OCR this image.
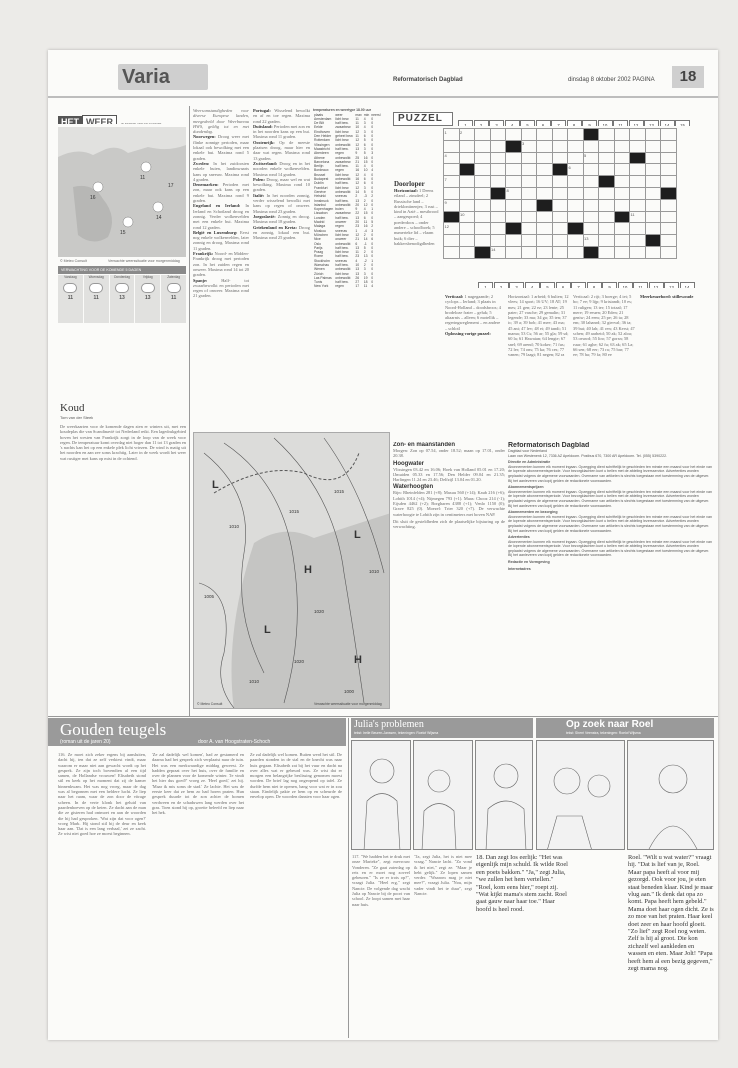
Varia	Reformatorisch Dagblad	dinsdag 8 oktober 2002 PAGINA	18
HET WEER	IN NEDERLAND EN EUROPA
16
11
15
14
17
© Meteo Consult	Verwachte weerssituatie voor morgenmiddag
VERWACHTING VOOR DE KOMENDE 5 DAGEN
Vandaag
11
Woensdag
11
Donderdag
13
Vrijdag
13
Zaterdag
11
Koud
Tom van der Steek
De weerkaarten voor de komende dagen zien er winters uit, met een koudeplas die van Scandinavië tot Nederland reikt. Een lagedrukgebied boven het westen van Frankrijk zorgt in de loop van de week voor regen. De temperatuur komt overdag niet hoger dan 11 tot 13 graden en 's nachts kan het op een enkele plek licht vriezen. De wind is matig uit het noorden en aan zee soms krachtig. Later in de week wordt het weer wat rustiger met kans op mist in de ochtend.
Weersomstandigheden voor diverse Europese landen, meegedeeld door Weerbureau HWS, geldig tot en met donderdag.
Noorwegen: Droog weer met flinke zonnige perioden, maar lokaal ook bewolking met een enkele bui. Maxima rond 5 graden.
Zweden: In het zuidoosten enkele buien, landinwaarts kans op sneeuw. Maxima rond 4 graden.
Denemarken: Perioden met zon, maar ook kans op een enkele bui. Maxima rond 9 graden.
Engeland en Ierland: In Ierland en Schotland droog en zonnig. Verder wolkenvelden met een enkele bui. Maxima rond 12 graden.
België en Luxemburg: Eerst nog enkele wolkenvelden, later zonnig en droog. Maxima rond 11 graden.
Frankrijk: Noord- en Midden-Frankrijk droog met perioden zon. In het zuiden regen en onweer. Maxima rond 14 tot 20 graden.
Spanje:	Half- tot zwaarbewolkt en perioden met regen of onweer. Maxima rond 21 graden.
Portugal: Wisselend bewolkt en af en toe regen. Maxima rond 22 graden.
Duitsland: Perioden met zon en in het noorden kans op een bui. Maxima rond 11 graden.
Oostenrijk: Op de meeste plaatsen droog, maar hier en daar wat regen. Maxima rond 13 graden.
Zwitserland: Droog en in het noorden enkele wolkenvelden. Maxima rond 14 graden.
Polen: Droog, maar wel en wat bewolking. Maxima rond 10 graden.
Italië: In het noorden zonnig, verder wisselend bewolkt met kans op regen of onweer. Maxima rond 23 graden.
Joegoslavië: Zonnig en droog. Maxima rond 18 graden.
Griekenland en Kreta: Droog en zonnig, lokaal een bui. Maxima rond 25 graden.
temperaturen en weertype 18.00 uur
plaats	weer	max	min	neersl
Amsterdam	licht bew.	11	4	0
De Bilt	half bew.	11	3	0
Eelde	zwaarbew.	10	4	0
Eindhoven	licht bew.	12	3	0
Den Helder	geheel bew.	11	6	0
Rotterdam	licht bew.	12	5	0
Vlissingen	onbewolkt	12	6	0
Maastricht	half bew.	13	3	0
Aberdeen	regen	9	5	3
Athene	onbewolkt	25	16	0
Barcelona	zwaarbew.	21	15	0
Berlijn	half bew.	11	4	0
Bordeaux	regen	16	10	4
Brussel	licht bew.	12	4	0
Budapest	onbewolkt	16	6	0
Dublin	half bew.	12	6	0
Frankfurt	licht bew.	12	3	0
Genève	onbewolkt	14	5	0
Helsinki	sneeuw	2	-3	2
Innsbruck	half bew.	13	2	0
Istanbul	onbewolkt	20	12	0
Kopenhagen	buien	9	4	1
Lissabon	zwaarbew.	22	15	0
Londen	half bew.	13	6	0
Madrid	onweer	20	11	5
Malaga	regen	23	16	2
Moskou	sneeuw	1	-4	3
München	licht bew.	12	2	0
Nice	onweer	21	14	6
Oslo	onbewolkt	6	-1	0
Parijs	half bew.	13	5	0
Praag	licht bew.	11	2	0
Rome	half bew.	23	13	0
Stockholm	sneeuw	4	-2	1
Warschau	half bew.	10	2	0
Wenen	onbewolkt	13	3	0
Zürich	licht bew.	13	3	0
Las Palmas	onbewolkt	26	19	0
Tunis	half bew.	27	18	0
New York	regen	17	11	4
L
L
L
H
H
1010
1005
1010
1015
1020
1015
1010
1000
1020
© Meteo Consult	Verwachte weerssituatie voor morgenmiddag
PUZZEL
1	2	3	4	5	6	7	8	9	10	11	12	13	14	15
1	2													
					3									
4									5					
								6						
7														
				8										
9														
	10											11		
12														
									13					
			14											
1	2	3	4	5	6	7	8	9	10	11	12	13	14
Doorloper
Horizontaal: 1 Deens eiland – zinsdeel; 2 Russische land – drieklontinenjes; 3 rust – kind in Azië – mestbrood – aangespoed; 4 poederdoos – onder andere – schoolboek; 5 numerieke lid – vlaam buik; 6 dier – bakkersbenodigdheden
Verticaal: 1 nagegaande; 2 cyclops – Ierland; 3 plaats in Noord-Holland – doodsbroos; 4 brodeloze frater – geluk; 5 altaarnis – alleen; 6 motellik – regeringsreglement – en andere – schlotl
Oplossing vorige puzzel:
Horizontaal: 1 arbeid; 6 bulten; 12 vlees; 14 sport; 16 UV; 18 AT; 19 mes; 21 gen; 22 ez; 23 lente; 25 pater; 27 vasche; 29 gemalin; 31 legende; 33 ma; 34 ga; 35 ten; 37 ic; 39 a; 39 bob; 41 mee; 43 ma; 45 ani; 47 lev; 48 ei; 49 tandi; 51 mama; 53 Cs; 56 ar; 55 gla; 59 sd; 60 la; 61 Hawaian; 64 lengte; 67 snel; 69 arend; 70 koker; 71 fus; 72 ler; 74 ons; 75 ka; 76 ces; 77 vanen; 79 laagt; 81 negen; 82 ra
Verticaal: 2 rijt; 3 boerge; 4 iet; 5 bo; 7 ee; 9 lijp; 9 kristandt; 10 es; 11 ruligen; 13 ter; 15 totaal; 17 mere; 19 eeuen; 20 Eden; 21 geniw; 24 eem; 25 pe; 26 ta; 28 em; 30 lahanrd; 32 gierval; 36 ta; 39 bui; 40 lah; 41 ren; 43 Kerst; 47 schen; 49 aarheid; 50 ak; 52 aloa; 53 oeuwd; 55 liro; 57 gorsn; 58 ruur; 61 aghe; 62 fu; 63 ak; 65 La; 66 sen; 68 eer; 73 ra; 75 bar; 77 ee; 78 ha; 79 fa; 80 ee
Meerkeuzebord: stillewoude
Zon- en maanstanden
Morgen: Zon op 07.54, onder 18.52; maan op 17.01, onder 20.38.
Hoogwater
Vlissingen 03.42 en 16.06; Hoek van Holland 05.01 en 17.20; IJmuiden 05.33 en 17.56; Den Helder 09.04 en 21.35; Harlingen 11.24 en 23.46; Delfzijl 13.04 en 01.20.
Waterhoogten
Rijn: Rheinfelden 281 (+8); Maxau 560 (+14); Kaub 216 (+6); Lobith 1014 (+4); Nijmegen 793 (+1). Maas: Chooz 214 (-1); Eijsden 4462 (+2); Borgharen 4388 (+1); Venlo 1150 (0); Grave 825 (0). Moezel: Trier 320 (+7). De verwachte waterhoogte te Lobith zijn in centimeters met boven NAP.
Dit sluit de gesteldheden zich de plaatselijke bijsturing op de verwachting.
Reformatorisch Dagblad
Dagblad voor Nederland
Laan van Westenenk 12, 7336 AZ Apeldoorn. Postbus 670, 7300 AR Apeldoorn. Tel. (055) 5390222.
Directie en Administratie
Abonnementen kunnen elk moment ingaan. Opzegging dient schriftelijk te geschieden ten minste een maand voor het einde van de lopende abonnementsperiode. Voor bezorgklachten kunt u bellen met de afdeling lezersservice. Advertenties worden geplaatst volgens de algemene voorwaarden. Overname van artikelen is slechts toegestaan met toestemming van de uitgever. Bij het aanleveren van kopij gelden de redactionele voorwaarden.
Abonnementsprijzen
Abonnementen kunnen elk moment ingaan. Opzegging dient schriftelijk te geschieden ten minste een maand voor het einde van de lopende abonnementsperiode. Voor bezorgklachten kunt u bellen met de afdeling lezersservice. Advertenties worden geplaatst volgens de algemene voorwaarden. Overname van artikelen is slechts toegestaan met toestemming van de uitgever. Bij het aanleveren van kopij gelden de redactionele voorwaarden.
Abonnementen en bezorging
Abonnementen kunnen elk moment ingaan. Opzegging dient schriftelijk te geschieden ten minste een maand voor het einde van de lopende abonnementsperiode. Voor bezorgklachten kunt u bellen met de afdeling lezersservice. Advertenties worden geplaatst volgens de algemene voorwaarden. Overname van artikelen is slechts toegestaan met toestemming van de uitgever. Bij het aanleveren van kopij gelden de redactionele voorwaarden.
Advertenties
Abonnementen kunnen elk moment ingaan. Opzegging dient schriftelijk te geschieden ten minste een maand voor het einde van de lopende abonnementsperiode. Voor bezorgklachten kunt u bellen met de afdeling lezersservice. Advertenties worden geplaatst volgens de algemene voorwaarden. Overname van artikelen is slechts toegestaan met toestemming van de uitgever. Bij het aanleveren van kopij gelden de redactionele voorwaarden.
Redactie en Vormgeving
Internetadres
Gouden teugels
(roman uit de jaren 20)	door A. van Hoogstraten-Schoch
116. Ze moet zich zeker ergens bij aansluiten, dacht hij, ten dat ze zelf verkiest vindt, maar waarom er maar niet aan gewacht wordt op het gesprek. Ze zijn toch bovendien al een tijd samen, de Hollandse vrouwen! Elisabeth stond stil en keek op het moment dat zij de kamer binnenkwam. Het was nog vroeg, maar de dag was al begonnen met een heldere lucht. Ze liep naar het raam, waar de zon door de vitrage scheen. In de verte klonk het geluid van paardenhoeven op de keien. Ze dacht aan de man die ze gisteren had ontmoet en aan de woorden die hij had gesproken. 'Wat zijn dat voor ogen?' vroeg Mark. Hij stond stil bij de deur en keek haar aan. 'Dat is een lang verhaal,' zei ze zacht. Ze wist niet goed hoe ze moest beginnen.
'Ze zal dadelijk wel komen', had ze gestamerd en daarna had het gesprek zich verplaatst naar de tuin. Het was een merkwaardige middag geweest. Ze hadden gepraat over het huis, over de familie en over de plannen voor de komende winter. 'Je vindt het hier dus goed?' vroeg ze. 'Heel goed,' zei hij. 'Maar ik mis soms de stad.' Ze lachte. Het was de eerste keer dat ze hem zo had horen praten. Hun gesprek duurde tot de zon achter de bomen verdween en de schaduwen lang werden over het gras. Toen stond hij op, groette beleefd en liep naar het hek.
Ze zal dadelijk wel komen. Buiten werd het stil. De paarden stonden in de stal en de knecht was naar huis gegaan. Elisabeth zat bij het vuur en dacht na over alles wat er gebeurd was. Ze wist dat er morgen een belangrijke beslissing genomen moest worden. De brief lag nog ongeopend op tafel. Ze durfde hem niet te openen, bang voor wat er in zou staan. Eindelijk pakte ze hem op en scheurde de envelop open. De woorden dansten voor haar ogen.
Julia's problemen
tekst: Irelle Beuren-Janssen, tekeningen: Roelof Wijsma
117. "We hadden het te druk met onze Marieke", zegt mevrouw Vonderen. "Ze gaat zaterdag op reis en er moet nog zoveel gebeuren." "Is ze er trots op?", vraagt Julia. "Heel erg," zegt Nancie. De volgende dag wacht Julia op Nancie bij de poort van school. Ze loopt samen met haar naar huis.
"Ja, zegt Julia, het is niet mee vraag." Nancie lacht. "Zo vond ik het niet," zegt ze. "Maar je hebt gelijk." Ze lopen samen verder. "Waarom mag je niet mee?", vraagt Julia. "Nou, mijn vader vindt het te duur", zegt Nancie.
18. Dan zegt Ios eerlijk: "Het was eigenlijk mijn schuld. Ik wilde Roel een poets bakken." "Ja," zegt Julia, "we zullen het hem vertellen." "Roel, kom eens hier," roept zij. "Wat kijkt mama's stem zacht. Roel gaat gauw naar haar toe." Haar hoofd is heel rood.
Op zoek naar Roel
tekst: Sherri Veenstra, tekeningen: Roelof Wijsma
Roel. "Wilt u wat water?" vraagt hij. "Dat is lief van je, Roel. Maar papa heeft al voor mij gezorgd. Ook voor jou, je eten staat beneden klaar. Kind je maar vlug aan." Ik denk dat opa zo komt. Papa heeft hem gebeld." Mama doet haar ogen dicht. Ze is zo moe van het praten. Haar keel doet zeer en haar hoofd gloeit. "Zo lief" zegt Roel nog weten. Zelf is hij al groot. Die kon zichzelf wel aankleden en wassen en eten. Maar Jolt! "Papa heeft hem al een bezig gegeven," zegt mama nog.
